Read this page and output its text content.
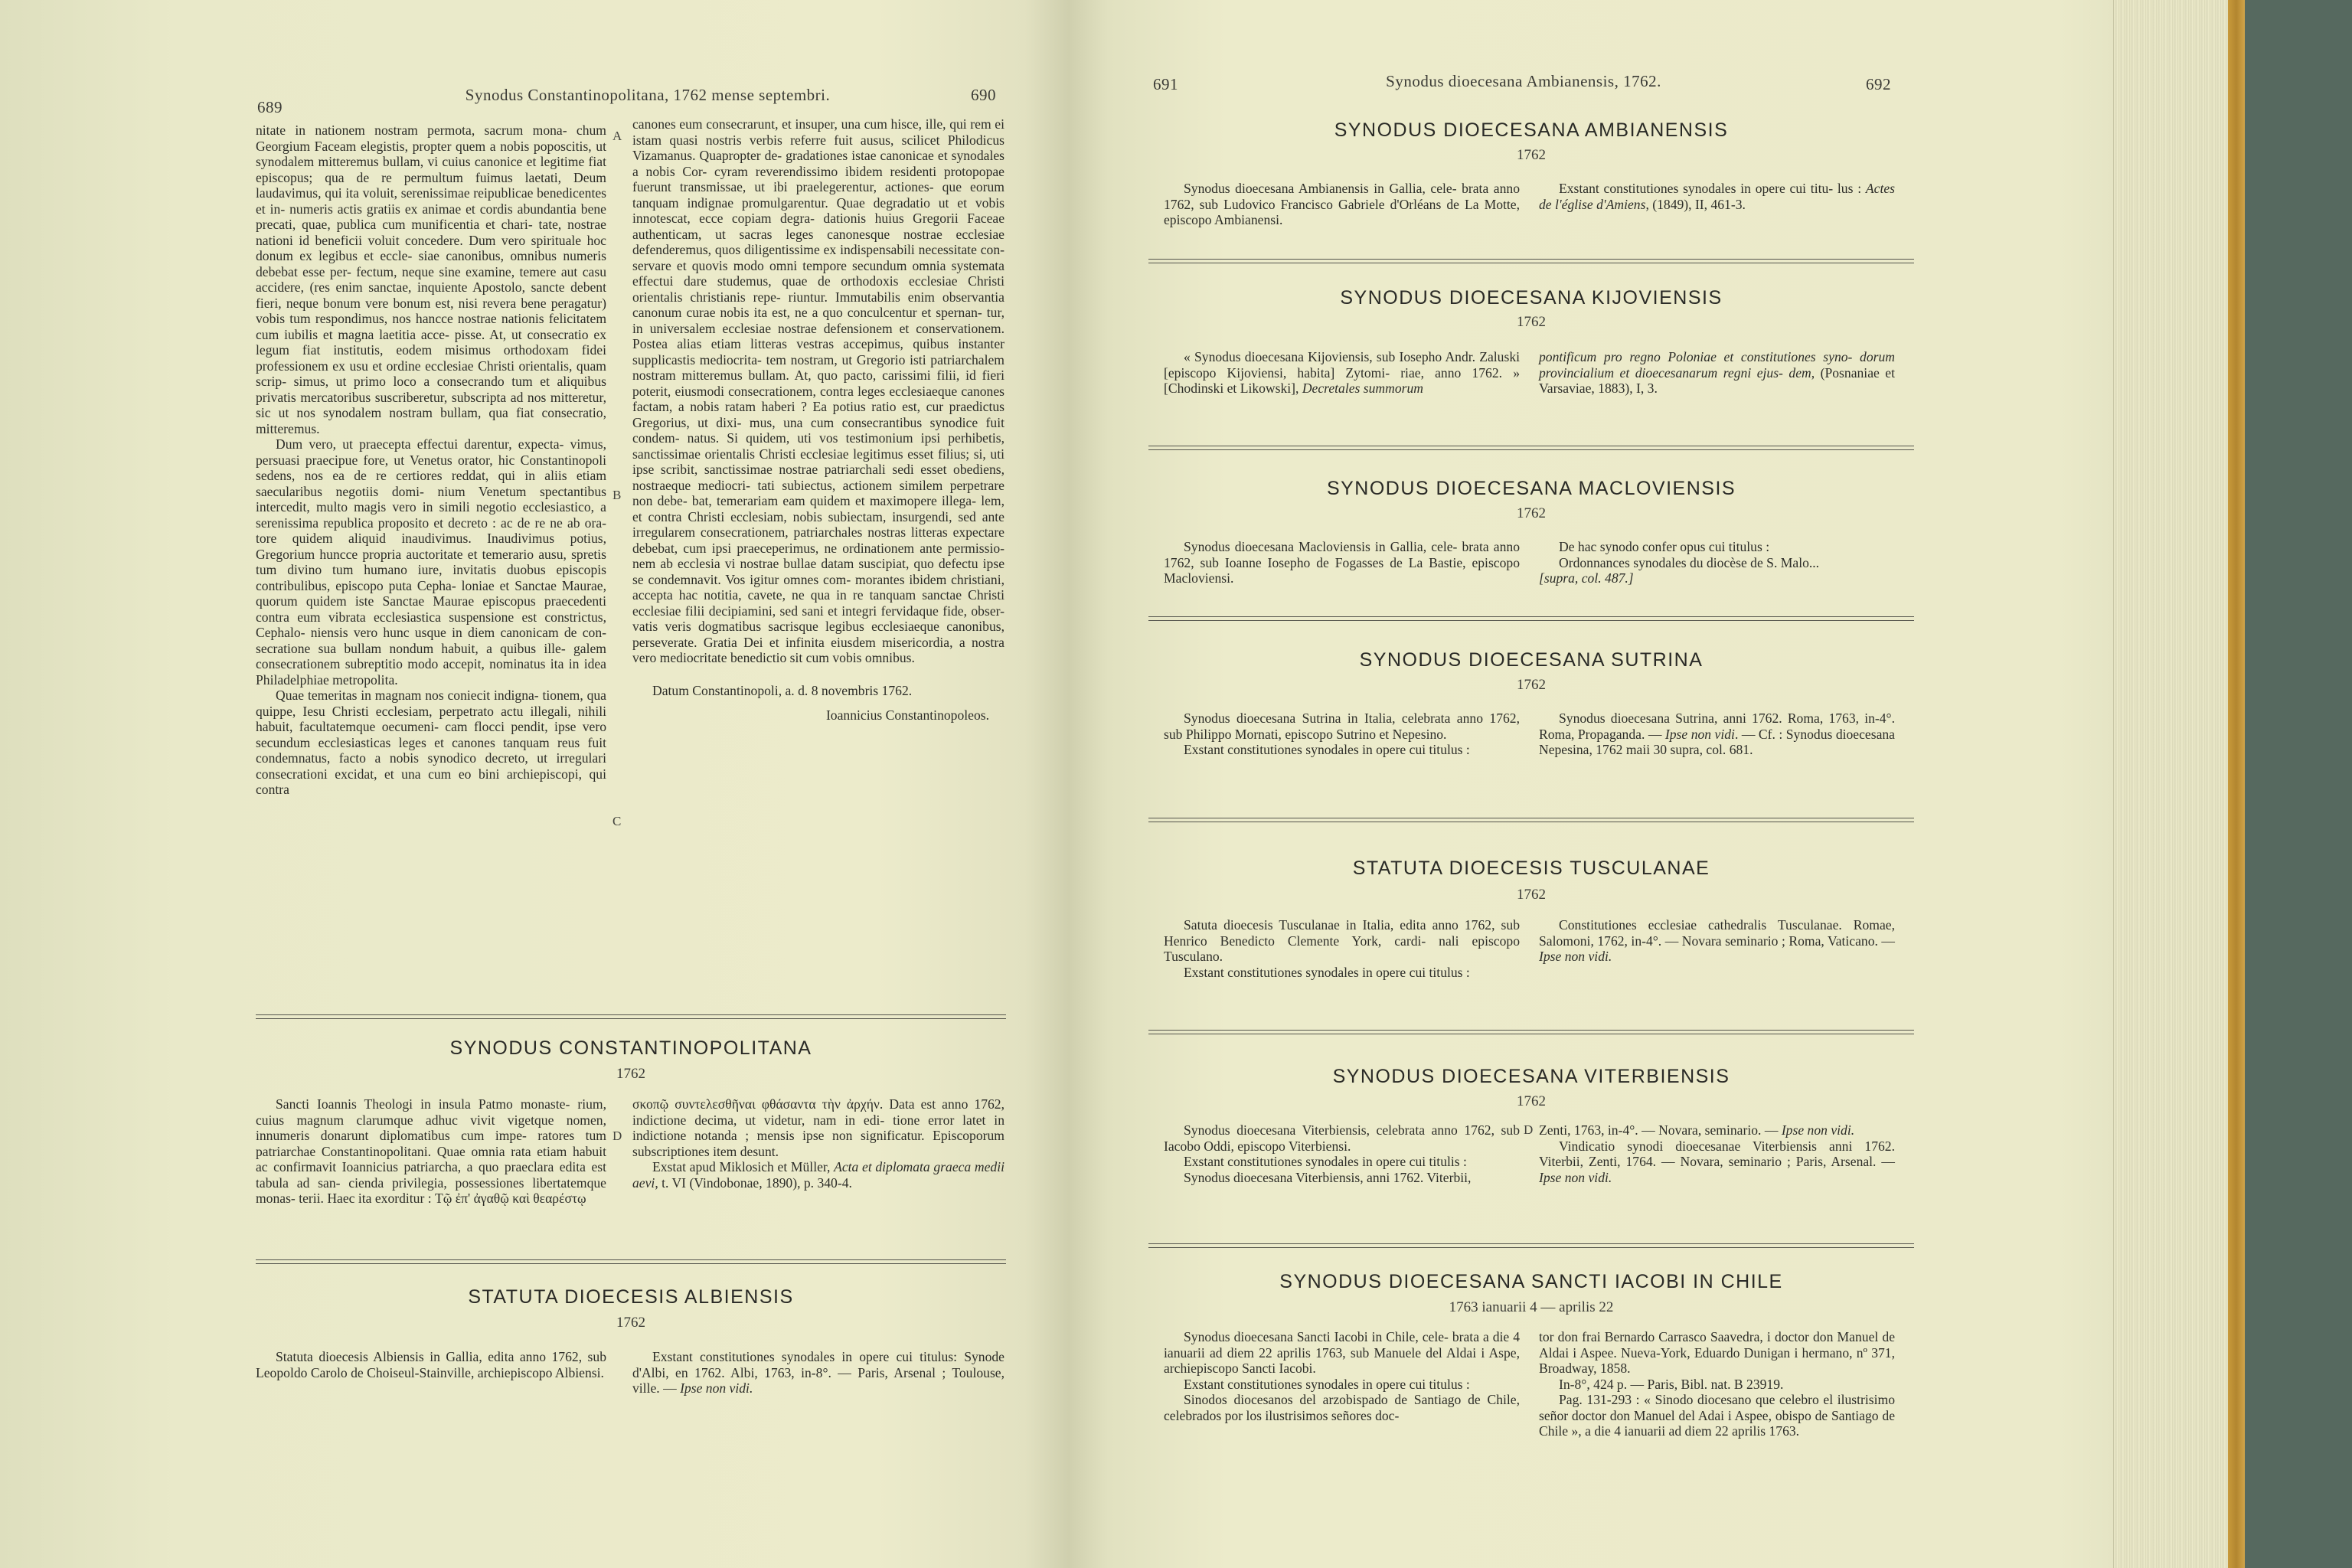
689
Synodus Constantinopolitana, 1762 mense septembri.	690

nitate in nationem nostram permota, sacrum mona- chum Georgium Faceam elegistis, propter quem a nobis poposcitis, ut synodalem mitteremus bullam, vi cuius canonice et legitime fiat episcopus; qua de re permultum fuimus laetati, Deum laudavimus, qui ita voluit, serenissimae reipublicae benedicentes et in- numeris actis gratiis ex animae et cordis abundantia bene precati, quae, publica cum munificentia et chari- tate, nostrae nationi id beneficii voluit concedere. Dum vero spirituale hoc donum ex legibus et eccle- siae canonibus, omnibus numeris debebat esse per- fectum, neque sine examine, temere aut casu accidere, (res enim sanctae, inquiente Apostolo, sancte debent fieri, neque bonum vere bonum est, nisi revera bene peragatur) vobis tum respondimus, nos hancce nostrae nationis felicitatem cum iubilis et magna laetitia acce- pisse. At, ut consecratio ex legum fiat institutis, eodem misimus orthodoxam fidei professionem ex usu et ordine ecclesiae Christi orientalis, quam scrip- simus, ut primo loco a consecrando tum et aliquibus privatis mercatoribus suscriberetur, subscripta ad nos mitteretur, sic ut nos synodalem nostram bullam, qua fiat consecratio, mitteremus.

Dum vero, ut praecepta effectui darentur, expecta- vimus, persuasi praecipue fore, ut Venetus orator, hic Constantinopoli sedens, nos ea de re certiores reddat, qui in aliis etiam saecularibus negotiis domi- nium Venetum spectantibus intercedit, multo magis vero in simili negotio ecclesiastico, a serenissima republica proposito et decreto : ac de re ne ab ora- tore quidem aliquid inaudivimus. Inaudivimus potius, Gregorium huncce propria auctoritate et temerario ausu, spretis tum divino tum humano iure, invitatis duobus episcopis contribulibus, episcopo puta Cepha- loniae et Sanctae Maurae, quorum quidem iste Sanctae Maurae episcopus praecedenti contra eum vibrata ecclesiastica suspensione est constrictus, Cephalo- niensis vero hunc usque in diem canonicam de con- secratione sua bullam nondum habuit, a quibus ille- galem consecrationem subreptitio modo accepit, nominatus ita in idea Philadelphiae metropolita.

Quae temeritas in magnam nos coniecit indigna- tionem, qua quippe, Iesu Christi ecclesiam, perpetrato actu illegali, nihili habuit, facultatemque oecumeni- cam flocci pendit, ipse vero secundum ecclesiasticas leges et canones tanquam reus fuit condemnatus, facto a nobis synodico decreto, ut irregulari consecrationi excidat, et una cum eo bini archiepiscopi, qui contra

A
B
C

canones eum consecrarunt, et insuper, una cum hisce, ille, qui rem ei istam quasi nostris verbis referre fuit ausus, scilicet Philodicus Vizamanus. Quapropter de- gradationes istae canonicae et synodales a nobis Cor- cyram reverendissimo ibidem residenti protopopae fuerunt transmissae, ut ibi praelegerentur, actiones- que eorum tanquam indignae promulgarentur. Quae degradatio ut et vobis innotescat, ecce copiam degra- dationis huius Gregorii Faceae authenticam, ut sacras leges canonesque nostrae ecclesiae defenderemus, quos diligentissime ex indispensabili necessitate con- servare et quovis modo omni tempore secundum omnia systemata effectui dare studemus, quae de orthodoxis ecclesiae Christi orientalis christianis repe- riuntur. Immutabilis enim observantia canonum curae nobis ita est, ne a quo conculcentur et spernan- tur, in universalem ecclesiae nostrae defensionem et conservationem. Postea alias etiam litteras vestras accepimus, quibus instanter supplicastis mediocrita- tem nostram, ut Gregorio isti patriarchalem nostram mitteremus bullam. At, quo pacto, carissimi filii, id fieri poterit, eiusmodi consecrationem, contra leges ecclesiaeque canones factam, a nobis ratam haberi ? Ea potius ratio est, cur praedictus Gregorius, ut dixi- mus, una cum consecrantibus synodice fuit condem- natus. Si quidem, uti vos testimonium ipsi perhibetis, sanctissimae orientalis Christi ecclesiae legitimus esset filius; si, uti ipse scribit, sanctissimae nostrae patriarchali sedi esset obediens, nostraeque mediocri- tati subiectus, actionem similem perpetrare non debe- bat, temerariam eam quidem et maximopere illega- lem, et contra Christi ecclesiam, nobis subiectam, insurgendi, sed ante irregularem consecrationem, patriarchales nostras litteras expectare debebat, cum ipsi praeceperimus, ne ordinationem ante permissio- nem ab ecclesia vi nostrae bullae datam suscipiat, quo defectu ipse se condemnavit. Vos igitur omnes com- morantes ibidem christiani, accepta hac notitia, cavete, ne qua in re tanquam sanctae Christi ecclesiae filii decipiamini, sed sani et integri fervidaque fide, obser- vatis veris dogmatibus sacrisque legibus ecclesiaeque canonibus, perseverate. Gratia Dei et infinita eiusdem misericordia, a nostra vero mediocritate benedictio sit cum vobis omnibus.

Datum Constantinopoli, a. d. 8 novembris 1762.

Ioannicius Constantinopoleos.

SYNODUS CONSTANTINOPOLITANA
1762

Sancti Ioannis Theologi in insula Patmo monaste- rium, cuius magnum clarumque adhuc vivit vigetque nomen, innumeris donarunt diplomatibus cum impe- ratores tum patriarchae Constantinopolitani. Quae omnia rata etiam habuit ac confirmavit Ioannicius patriarcha, a quo praeclara edita est tabula ad san- cienda privilegia, possessiones libertatemque monas- terii. Haec ita exorditur : Τῷ ἐπ' ἀγαθῷ καὶ θεαρέστῳ

D

σκοπῷ συντελεσθῆναι φθάσαντα τὴν ἀρχήν. Data est anno 1762, indictione decima, ut videtur, nam in edi- tione error latet in indictione notanda ; mensis ipse non significatur. Episcoporum subscriptiones item desunt.

Exstat apud Miklosich et Müller, Acta et diplomata graeca medii aevi, t. VI (Vindobonae, 1890), p. 340-4.

STATUTA DIOECESIS ALBIENSIS
1762

Statuta dioecesis Albiensis in Gallia, edita anno 1762, sub Leopoldo Carolo de Choiseul-Stainville, archiepiscopo Albiensi.

Exstant constitutiones synodales in opere cui titulus: Synode d'Albi, en 1762. Albi, 1763, in-8°. — Paris, Arsenal ; Toulouse, ville. — Ipse non vidi.

691	Synodus dioecesana Ambianensis, 1762.	692
SYNODUS DIOECESANA AMBIANENSIS
1762

Synodus dioecesana Ambianensis in Gallia, cele- brata anno 1762, sub Ludovico Francisco Gabriele d'Orléans de La Motte, episcopo Ambianensi.

Exstant constitutiones synodales in opere cui titu- lus : Actes de l'église d'Amiens, (1849), II, 461-3.

SYNODUS DIOECESANA KIJOVIENSIS
1762

« Synodus dioecesana Kijoviensis, sub Iosepho Andr. Zaluski [episcopo Kijoviensi, habita] Zytomi- riae, anno 1762. » [Chodinski et Likowski], Decretales summorum

pontificum pro regno Poloniae et constitutiones syno- dorum provincialium et dioecesanarum regni ejus- dem, (Posnaniae et Varsaviae, 1883), I, 3.

SYNODUS DIOECESANA MACLOVIENSIS
1762

Synodus dioecesana Macloviensis in Gallia, cele- brata anno 1762, sub Ioanne Iosepho de Fogasses de La Bastie, episcopo Macloviensi.

De hac synodo confer opus cui titulus :

Ordonnances synodales du diocèse de S. Malo...

[supra, col. 487.]

SYNODUS DIOECESANA SUTRINA
1762

Synodus dioecesana Sutrina in Italia, celebrata anno 1762, sub Philippo Mornati, episcopo Sutrino et Nepesino.

Exstant constitutiones synodales in opere cui titulus :

Synodus dioecesana Sutrina, anni 1762. Roma, 1763, in-4°. Roma, Propaganda. — Ipse non vidi. — Cf. : Synodus dioecesana Nepesina, 1762 maii 30 supra, col. 681.

STATUTA DIOECESIS TUSCULANAE
1762

Satuta dioecesis Tusculanae in Italia, edita anno 1762, sub Henrico Benedicto Clemente York, cardi- nali episcopo Tusculano.

Exstant constitutiones synodales in opere cui titulus :

Constitutiones ecclesiae cathedralis Tusculanae. Romae, Salomoni, 1762, in-4°. — Novara seminario ; Roma, Vaticano. — Ipse non vidi.

SYNODUS DIOECESANA VITERBIENSIS
1762

Synodus dioecesana Viterbiensis, celebrata anno 1762, sub Iacobo Oddi, episcopo Viterbiensi.

Exstant constitutiones synodales in opere cui titulis :

Synodus dioecesana Viterbiensis, anni 1762. Viterbii,

D Zenti, 1763, in-4°. — Novara, seminario. — Ipse non vidi.

Vindicatio synodi dioecesanae Viterbiensis anni 1762. Viterbii, Zenti, 1764. — Novara, seminario ; Paris, Arsenal. — Ipse non vidi.

SYNODUS DIOECESANA SANCTI IACOBI IN CHILE
1763 ianuarii 4 — aprilis 22

Synodus dioecesana Sancti Iacobi in Chile, cele- brata a die 4 ianuarii ad diem 22 aprilis 1763, sub Manuele del Aldai i Aspe, archiepiscopo Sancti Iacobi.

Exstant constitutiones synodales in opere cui titulus :

Sinodos diocesanos del arzobispado de Santiago de Chile, celebrados por los ilustrisimos señores doc-

tor don frai Bernardo Carrasco Saavedra, i doctor don Manuel de Aldai i Aspee. Nueva-York, Eduardo Dunigan i hermano, nº 371, Broadway, 1858.

In-8°, 424 p. — Paris, Bibl. nat. B 23919.

Pag. 131-293 : « Sinodo diocesano que celebro el ilustrisimo señor doctor don Manuel del Adai i Aspee, obispo de Santiago de Chile », a die 4 ianuarii ad diem 22 aprilis 1763.
